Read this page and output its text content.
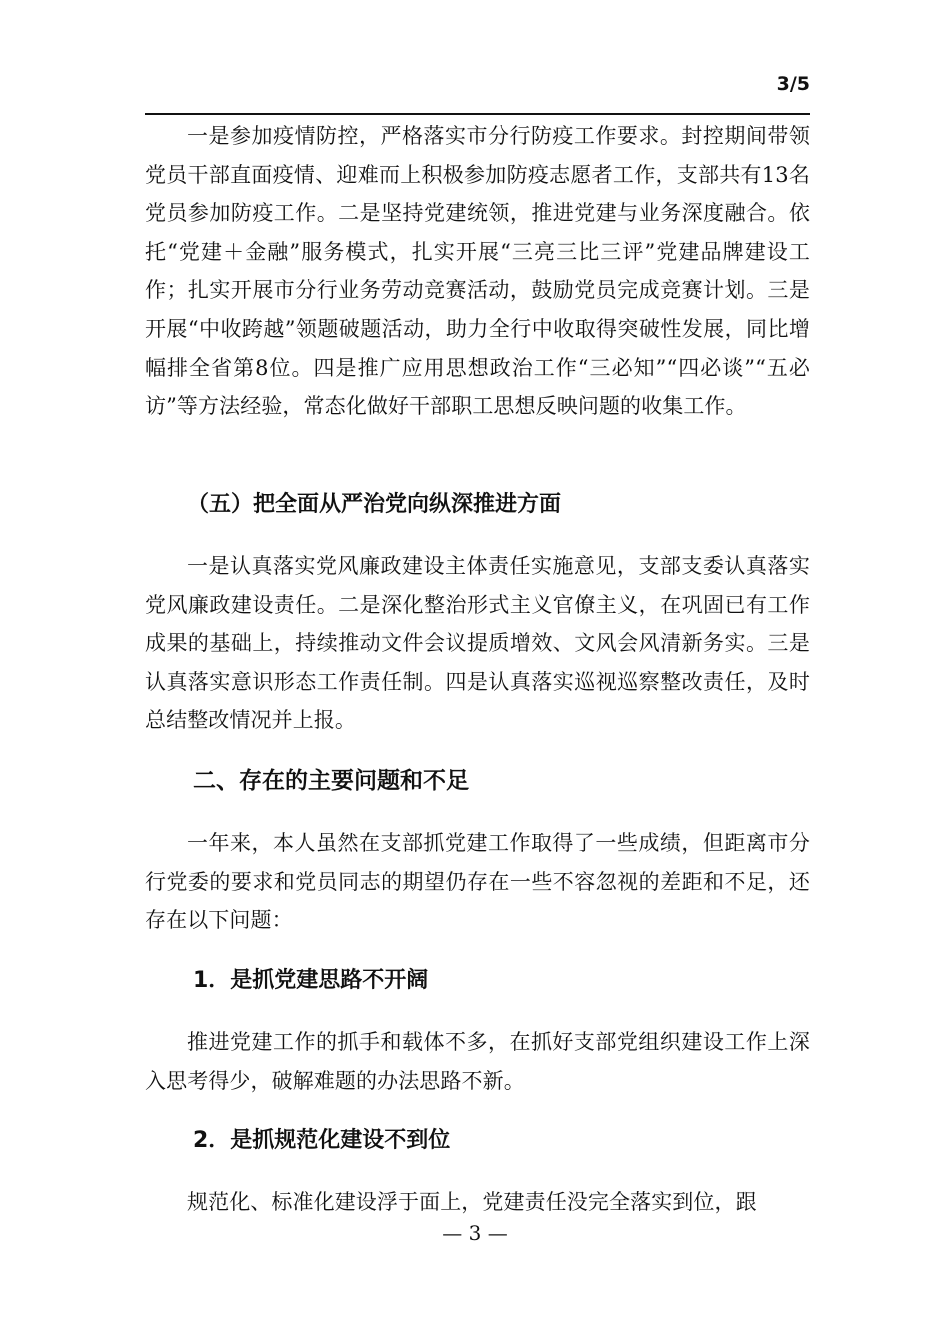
3/5

一是参加疫情防控，严格落实市分行防疫工作要求。封控期间带领党员干部直面疫情、迎难而上积极参加防疫志愿者工作，支部共有13名党员参加防疫工作。二是坚持党建统领，推进党建与业务深度融合。依托“党建＋金融”服务模式，扎实开展“三亮三比三评”党建品牌建设工作；扎实开展市分行业务劳动竞赛活动，鼓励党员完成竞赛计划。三是开展“中收跨越”领题破题活动，助力全行中收取得突破性发展，同比增幅排全省第8位。四是推广应用思想政治工作“三必知”“四必谈”“五必访”等方法经验，常态化做好干部职工思想反映问题的收集工作。

（五）把全面从严治党向纵深推进方面

一是认真落实党风廉政建设主体责任实施意见，支部支委认真落实党风廉政建设责任。二是深化整治形式主义官僚主义，在巩固已有工作成果的基础上，持续推动文件会议提质增效、文风会风清新务实。三是认真落实意识形态工作责任制。四是认真落实巡视巡察整改责任，及时总结整改情况并上报。

二、存在的主要问题和不足

一年来，本人虽然在支部抓党建工作取得了一些成绩，但距离市分行党委的要求和党员同志的期望仍存在一些不容忽视的差距和不足，还存在以下问题：

1．是抓党建思路不开阔

推进党建工作的抓手和载体不多，在抓好支部党组织建设工作上深入思考得少，破解难题的办法思路不新。

2．是抓规范化建设不到位

规范化、标准化建设浮于面上，党建责任没完全落实到位，跟

— 3 —
